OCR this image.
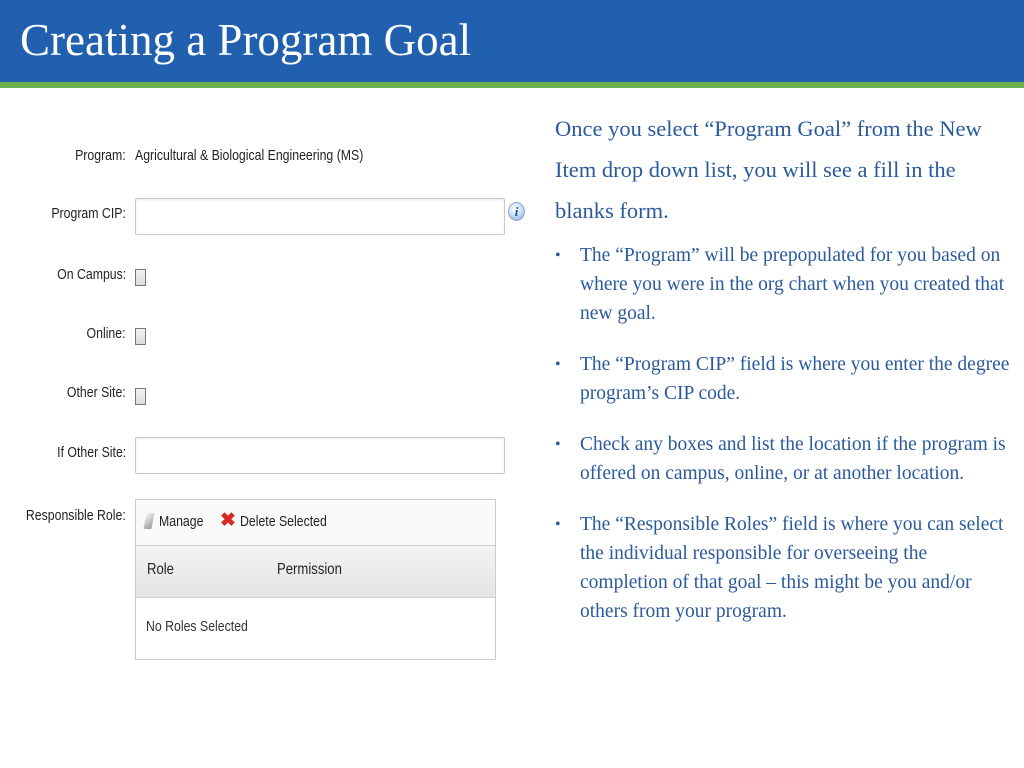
Creating a Program Goal
Program: Agricultural & Biological Engineering (MS)
Program CIP:	i
On Campus:
Online:
Other Site:
If Other Site:
Responsible Role: Manage ✖ Delete Selected
Role	Permission
No Roles Selected
Once you select “Program Goal” from the New Item drop down list, you will see a fill in the blanks form.
• The “Program” will be prepopulated for you based on where you were in the org chart when you created that new goal.
• The “Program CIP” field is where you enter the degree program’s CIP code.
• Check any boxes and list the location if the program is offered on campus, online, or at another location.
• The “Responsible Roles” field is where you can select the individual responsible for overseeing the completion of that goal – this might be you and/or others from your program.
